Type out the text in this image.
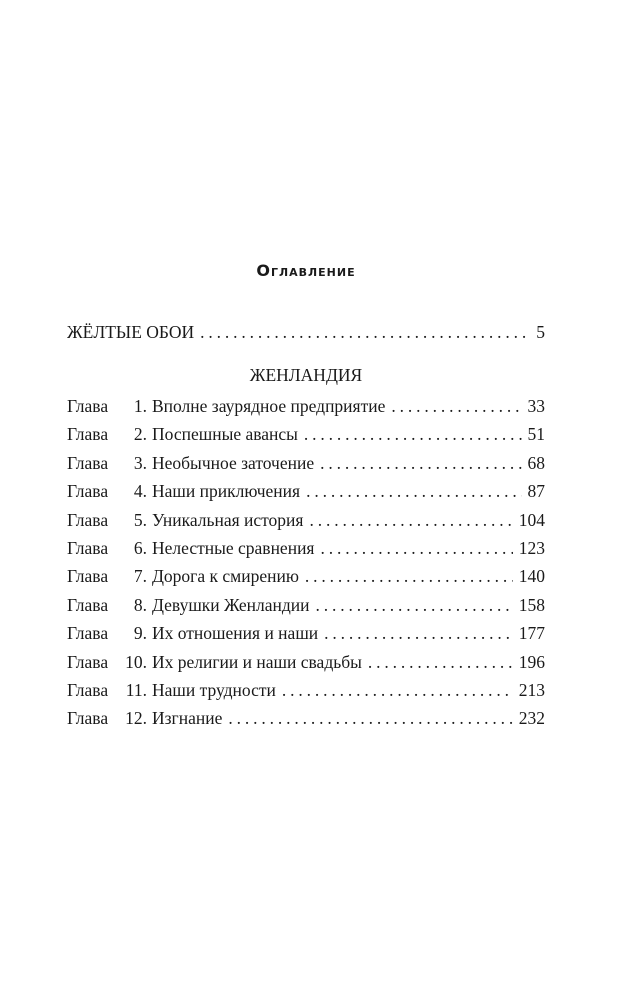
Оглавление
ЖЁЛТЫЕ ОБОИ . . .	5
ЖЕНЛАНДИЯ
Глава	1. Вполне заурядное предприятие . . .	33
Глава	2. Поспешные авансы . . .	51
Глава	3. Необычное заточение . . .	68
Глава	4. Наши приключения . . .	87
Глава	5. Уникальная история . . .	104
Глава	6. Нелестные сравнения . . .	123
Глава	7. Дорога к смирению . . .	140
Глава	8. Девушки Женландии . . .	158
Глава	9. Их отношения и наши . . .	177
Глава 10. Их религии и наши свадьбы . . .	196
Глава	11. Наши трудности . . .	213
Глава 12. Изгнание . . .	232
